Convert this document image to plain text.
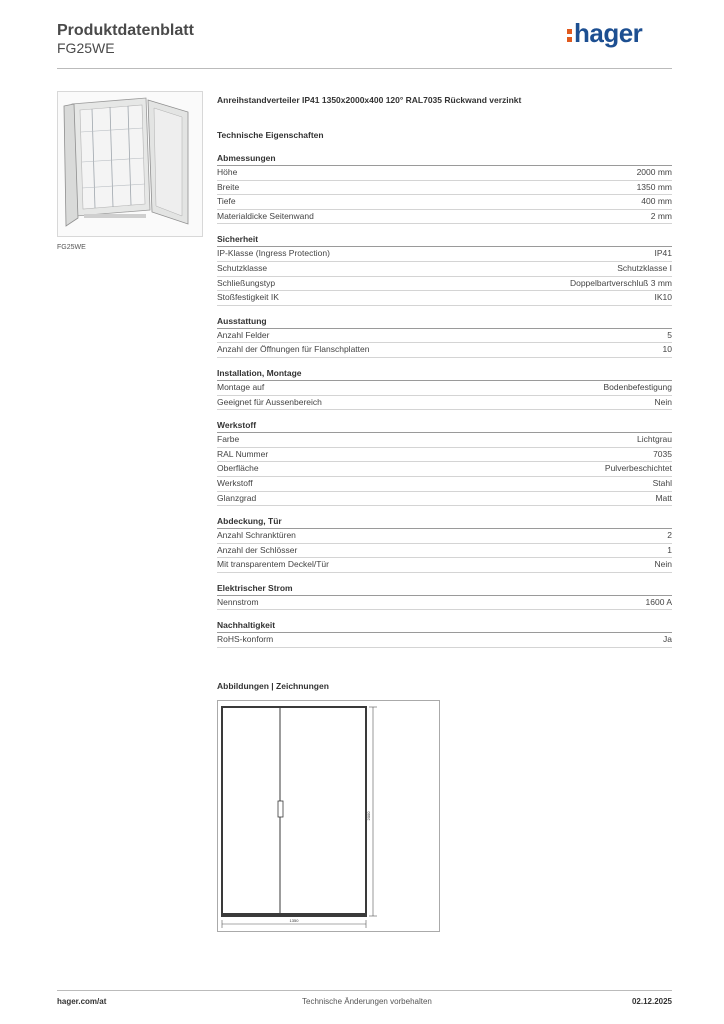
Produktdatenblatt
FG25WE	hager
FG25WE
Anreihstandverteiler IP41 1350x2000x400 120° RAL7035 Rückwand verzinkt
Technische Eigenschaften
Abmessungen
Höhe	2000 mm
Breite	1350 mm
Tiefe	400 mm
Materialdicke Seitenwand	2 mm
Sicherheit
IP-Klasse (Ingress Protection)	IP41
Schutzklasse	Schutzklasse I
Schließungstyp	Doppelbartverschluß 3 mm
Stoßfestigkeit IK	IK10
Ausstattung
Anzahl Felder	5
Anzahl der Öffnungen für Flanschplatten	10
Installation, Montage
Montage auf	Bodenbefestigung
Geeignet für Aussenbereich	Nein
Werkstoff
Farbe	Lichtgrau
RAL Nummer	7035
Oberfläche	Pulverbeschichtet
Werkstoff	Stahl
Glanzgrad	Matt
Abdeckung, Tür
Anzahl Schranktüren	2
Anzahl der Schlösser	1
Mit transparentem Deckel/Tür	Nein
Elektrischer Strom
Nennstrom	1600 A
Nachhaltigkeit
RoHS-konform	Ja
Abbildungen | Zeichnungen
2000
1350
hager.com/at	Technische Änderungen vorbehalten	02.12.2025
